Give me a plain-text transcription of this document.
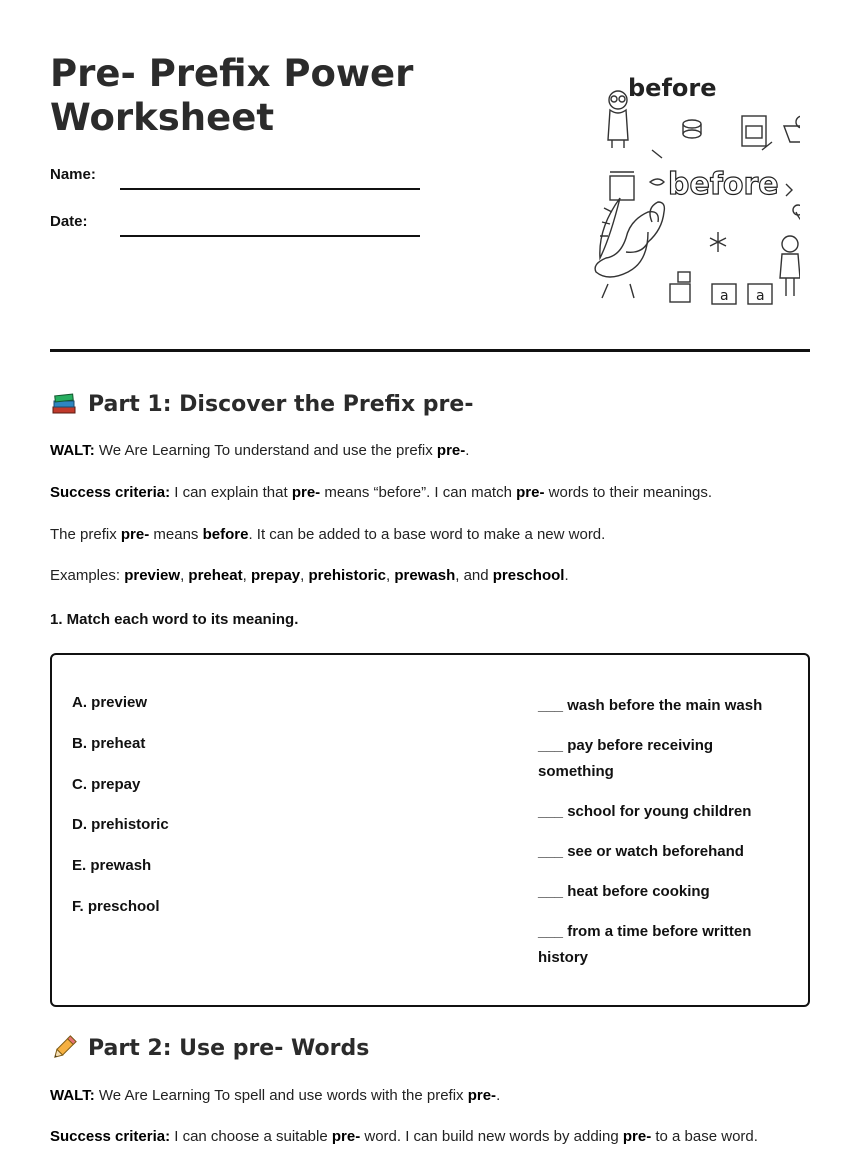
Pre- Prefix Power Worksheet
Name:
Date:
before
before
a a
Part 1: Discover the Prefix pre-

WALT: We Are Learning To understand and use the prefix pre-.

Success criteria: I can explain that pre- means “before”. I can match pre- words to their meanings.

The prefix pre- means before. It can be added to a base word to make a new word.

Examples: preview, preheat, prepay, prehistoric, prewash, and preschool.

1. Match each word to its meaning.
A. preview
B. preheat
C. prepay
D. prehistoric
E. prewash
F. preschool
___ wash before the main wash
___ pay before receiving something
___ school for young children
___ see or watch beforehand
___ heat before cooking
___ from a time before written history
Part 2: Use pre- Words

WALT: We Are Learning To spell and use words with the prefix pre-.

Success criteria: I can choose a suitable pre- word. I can build new words by adding pre- to a base word.
